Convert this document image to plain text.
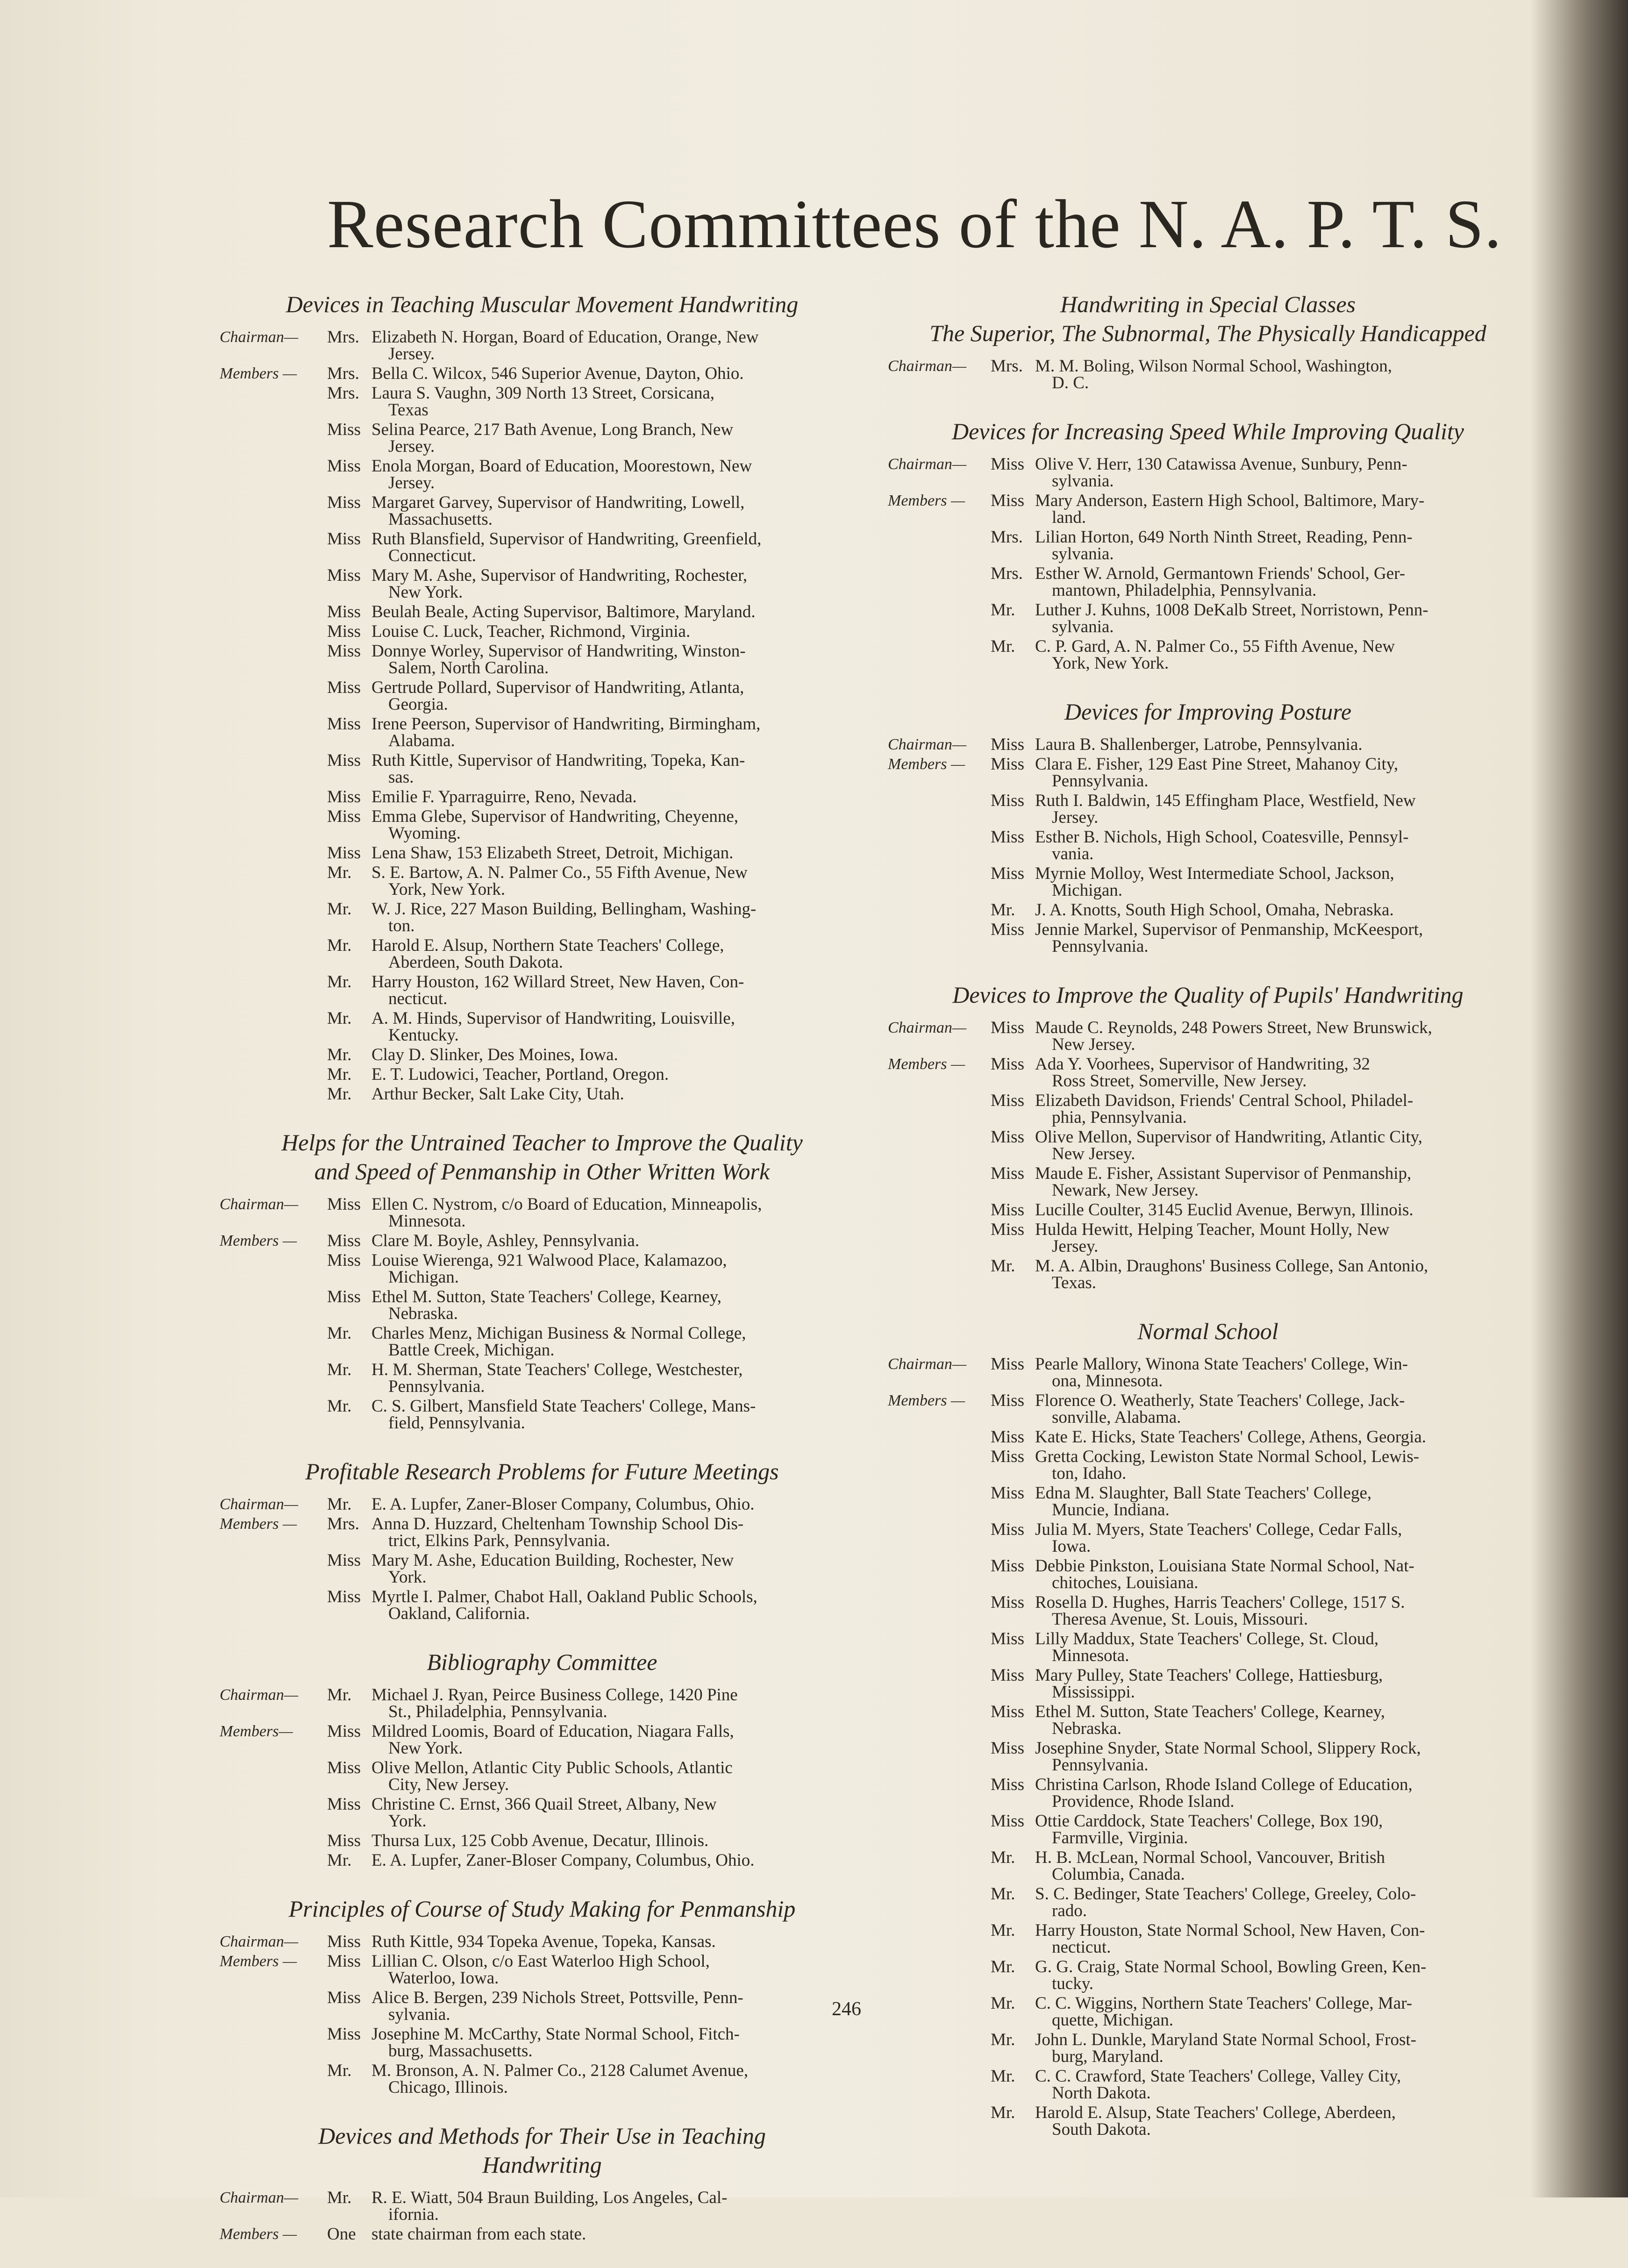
Research Committees of the N. A. P. T. S.
Devices in Teaching Muscular Movement Handwriting
Chairman—	Mrs. Elizabeth N. Horgan, Board of Education, Orange, New
Jersey.
Members —	Mrs. Bella C. Wilcox, 546 Superior Avenue, Dayton, Ohio.
Mrs. Laura S. Vaughn, 309 North 13 Street, Corsicana,
Texas
Miss Selina Pearce, 217 Bath Avenue, Long Branch, New
Jersey.
Miss Enola Morgan, Board of Education, Moorestown, New
Jersey.
Miss Margaret Garvey, Supervisor of Handwriting, Lowell,
Massachusetts.
Miss Ruth Blansfield, Supervisor of Handwriting, Greenfield,
Connecticut.
Miss Mary M. Ashe, Supervisor of Handwriting, Rochester,
New York.
Miss Beulah Beale, Acting Supervisor, Baltimore, Maryland.
Miss Louise C. Luck, Teacher, Richmond, Virginia.
Miss Donnye Worley, Supervisor of Handwriting, Winston-
Salem, North Carolina.
Miss Gertrude Pollard, Supervisor of Handwriting, Atlanta,
Georgia.
Miss Irene Peerson, Supervisor of Handwriting, Birmingham,
Alabama.
Miss Ruth Kittle, Supervisor of Handwriting, Topeka, Kan-
sas.
Miss Emilie F. Yparraguirre, Reno, Nevada.
Miss Emma Glebe, Supervisor of Handwriting, Cheyenne,
Wyoming.
Miss Lena Shaw, 153 Elizabeth Street, Detroit, Michigan.
Mr.	S. E. Bartow, A. N. Palmer Co., 55 Fifth Avenue, New
York, New York.
Mr.	W. J. Rice, 227 Mason Building, Bellingham, Washing-
ton.
Mr.	Harold E. Alsup, Northern State Teachers' College,
Aberdeen, South Dakota.
Mr.	Harry Houston, 162 Willard Street, New Haven, Con-
necticut.
Mr.	A. M. Hinds, Supervisor of Handwriting, Louisville,
Kentucky.
Mr.	Clay D. Slinker, Des Moines, Iowa.
Mr.	E. T. Ludowici, Teacher, Portland, Oregon.
Mr.	Arthur Becker, Salt Lake City, Utah.
Helps for the Untrained Teacher to Improve the Quality
and Speed of Penmanship in Other Written Work
Chairman—	Miss Ellen C. Nystrom, c/o Board of Education, Minneapolis,
Minnesota.
Members —	Miss Clare M. Boyle, Ashley, Pennsylvania.
Miss Louise Wierenga, 921 Walwood Place, Kalamazoo,
Michigan.
Miss Ethel M. Sutton, State Teachers' College, Kearney,
Nebraska.
Mr.	Charles Menz, Michigan Business & Normal College,
Battle Creek, Michigan.
Mr.	H. M. Sherman, State Teachers' College, Westchester,
Pennsylvania.
Mr.	C. S. Gilbert, Mansfield State Teachers' College, Mans-
field, Pennsylvania.
Profitable Research Problems for Future Meetings
Chairman—	Mr.	E. A. Lupfer, Zaner-Bloser Company, Columbus, Ohio.
Members —	Mrs. Anna D. Huzzard, Cheltenham Township School Dis-
trict, Elkins Park, Pennsylvania.
Miss Mary M. Ashe, Education Building, Rochester, New
York.
Miss Myrtle I. Palmer, Chabot Hall, Oakland Public Schools,
Oakland, California.
Bibliography Committee
Chairman—	Mr.	Michael J. Ryan, Peirce Business College, 1420 Pine
St., Philadelphia, Pennsylvania.
Members—	Miss Mildred Loomis, Board of Education, Niagara Falls,
New York.
Miss Olive Mellon, Atlantic City Public Schools, Atlantic
City, New Jersey.
Miss Christine C. Ernst, 366 Quail Street, Albany, New
York.
Miss Thursa Lux, 125 Cobb Avenue, Decatur, Illinois.
Mr.	E. A. Lupfer, Zaner-Bloser Company, Columbus, Ohio.
Principles of Course of Study Making for Penmanship
Chairman—	Miss Ruth Kittle, 934 Topeka Avenue, Topeka, Kansas.
Members —	Miss Lillian C. Olson, c/o East Waterloo High School,
Waterloo, Iowa.
Miss Alice B. Bergen, 239 Nichols Street, Pottsville, Penn-
sylvania.
Miss Josephine M. McCarthy, State Normal School, Fitch-
burg, Massachusetts.
Mr.	M. Bronson, A. N. Palmer Co., 2128 Calumet Avenue,
Chicago, Illinois.
Devices and Methods for Their Use in Teaching
Handwriting
Chairman—	Mr.	R. E. Wiatt, 504 Braun Building, Los Angeles, Cal-
ifornia.
Members —	One state chairman from each state.
Handwriting in Special Classes
The Superior, The Subnormal, The Physically Handicapped
Chairman—	Mrs. M. M. Boling, Wilson Normal School, Washington,
D. C.
Devices for Increasing Speed While Improving Quality
Chairman—	Miss Olive V. Herr, 130 Catawissa Avenue, Sunbury, Penn-
sylvania.
Members —	Miss Mary Anderson, Eastern High School, Baltimore, Mary-
land.
Mrs. Lilian Horton, 649 North Ninth Street, Reading, Penn-
sylvania.
Mrs. Esther W. Arnold, Germantown Friends' School, Ger-
mantown, Philadelphia, Pennsylvania.
Mr.	Luther J. Kuhns, 1008 DeKalb Street, Norristown, Penn-
sylvania.
Mr.	C. P. Gard, A. N. Palmer Co., 55 Fifth Avenue, New
York, New York.
Devices for Improving Posture
Chairman—	Miss Laura B. Shallenberger, Latrobe, Pennsylvania.
Members —	Miss Clara E. Fisher, 129 East Pine Street, Mahanoy City,
Pennsylvania.
Miss Ruth I. Baldwin, 145 Effingham Place, Westfield, New
Jersey.
Miss Esther B. Nichols, High School, Coatesville, Pennsyl-
vania.
Miss Myrnie Molloy, West Intermediate School, Jackson,
Michigan.
Mr.	J. A. Knotts, South High School, Omaha, Nebraska.
Miss Jennie Markel, Supervisor of Penmanship, McKeesport,
Pennsylvania.
Devices to Improve the Quality of Pupils' Handwriting
Chairman—	Miss Maude C. Reynolds, 248 Powers Street, New Brunswick,
New Jersey.
Members —	Miss Ada Y. Voorhees, Supervisor of Handwriting, 32
Ross Street, Somerville, New Jersey.
Miss Elizabeth Davidson, Friends' Central School, Philadel-
phia, Pennsylvania.
Miss Olive Mellon, Supervisor of Handwriting, Atlantic City,
New Jersey.
Miss Maude E. Fisher, Assistant Supervisor of Penmanship,
Newark, New Jersey.
Miss Lucille Coulter, 3145 Euclid Avenue, Berwyn, Illinois.
Miss Hulda Hewitt, Helping Teacher, Mount Holly, New
Jersey.
Mr.	M. A. Albin, Draughons' Business College, San Antonio,
Texas.
Normal School
Chairman—	Miss Pearle Mallory, Winona State Teachers' College, Win-
ona, Minnesota.
Members —	Miss Florence O. Weatherly, State Teachers' College, Jack-
sonville, Alabama.
Miss Kate E. Hicks, State Teachers' College, Athens, Georgia.
Miss Gretta Cocking, Lewiston State Normal School, Lewis-
ton, Idaho.
Miss Edna M. Slaughter, Ball State Teachers' College,
Muncie, Indiana.
Miss Julia M. Myers, State Teachers' College, Cedar Falls,
Iowa.
Miss Debbie Pinkston, Louisiana State Normal School, Nat-
chitoches, Louisiana.
Miss Rosella D. Hughes, Harris Teachers' College, 1517 S.
Theresa Avenue, St. Louis, Missouri.
Miss Lilly Maddux, State Teachers' College, St. Cloud,
Minnesota.
Miss Mary Pulley, State Teachers' College, Hattiesburg,
Mississippi.
Miss Ethel M. Sutton, State Teachers' College, Kearney,
Nebraska.
Miss Josephine Snyder, State Normal School, Slippery Rock,
Pennsylvania.
Miss Christina Carlson, Rhode Island College of Education,
Providence, Rhode Island.
Miss Ottie Carddock, State Teachers' College, Box 190,
Farmville, Virginia.
Mr.	H. B. McLean, Normal School, Vancouver, British
Columbia, Canada.
Mr.	S. C. Bedinger, State Teachers' College, Greeley, Colo-
rado.
Mr.	Harry Houston, State Normal School, New Haven, Con-
necticut.
Mr.	G. G. Craig, State Normal School, Bowling Green, Ken-
tucky.
Mr.	C. C. Wiggins, Northern State Teachers' College, Mar-
quette, Michigan.
Mr.	John L. Dunkle, Maryland State Normal School, Frost-
burg, Maryland.
Mr.	C. C. Crawford, State Teachers' College, Valley City,
North Dakota.
Mr.	Harold E. Alsup, State Teachers' College, Aberdeen,
South Dakota.
246
